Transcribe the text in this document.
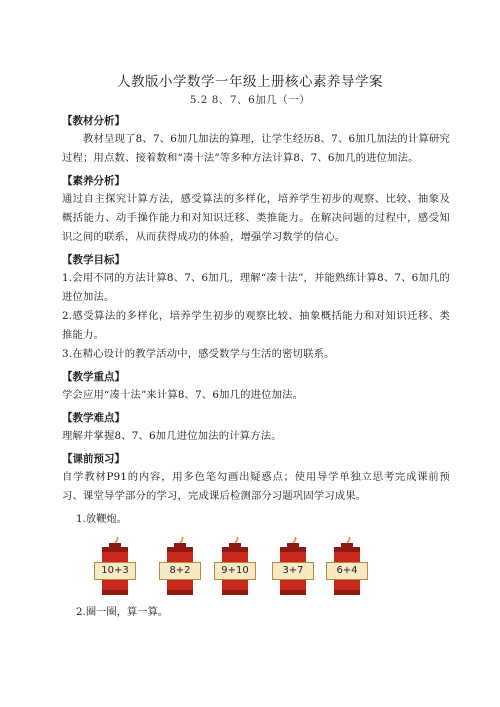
人教版小学数学一年级上册核心素养导学案
5.2 8、7、6加几（一）
【教材分析】

教材呈现了8、7、6加几加法的算理，让学生经历8、7、6加几加法的计算研究过程；用点数、接着数和“凑十法”等多种方法计算8、7、6加几的进位加法。

【素养分析】

通过自主探究计算方法，感受算法的多样化，培养学生初步的观察、比较、抽象及概括能力、动手操作能力和对知识迁移、类推能力。在解决问题的过程中，感受知识之间的联系，从而获得成功的体验，增强学习数学的信心。

【教学目标】

1.会用不同的方法计算8、7、6加几，理解“凑十法”，并能熟练计算8、7、6加几的进位加法。

2.感受算法的多样化，培养学生初步的观察比较、抽象概括能力和对知识迁移、类推能力。

3.在精心设计的教学活动中，感受数学与生活的密切联系。

【教学重点】

学会应用“凑十法”来计算8、7、6加几的进位加法。

【教学难点】

理解并掌握8、7、6加几进位加法的计算方法。

【课前预习】

自学教材P91的内容，用多色笔勾画出疑惑点；使用导学单独立思考完成课前预习、课堂导学部分的学习，完成课后检测部分习题巩固学习成果。

1.放鞭炮。
10+3	8+2	9+10	3+7	6+4
2.圈一圈，算一算。
